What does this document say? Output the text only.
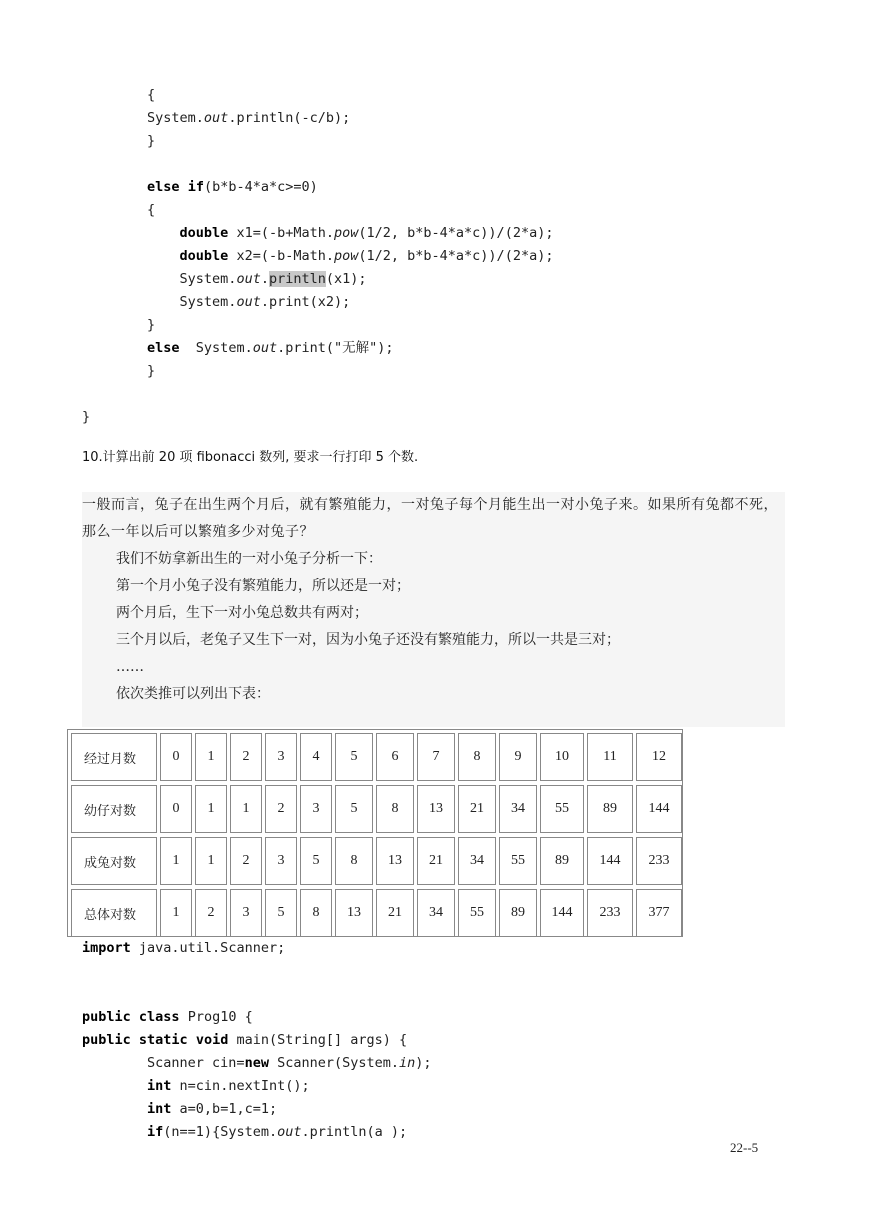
{
System.out.println(-c/b);
}
else if(b*b-4*a*c>=0)
{
double x1=(-b+Math.pow(1/2, b*b-4*a*c))/(2*a);
double x2=(-b-Math.pow(1/2, b*b-4*a*c))/(2*a);
System.out.println(x1);
System.out.print(x2);
}
else  System.out.print("无解");
}
}
10.计算出前 20 项 fibonacci 数列, 要求一行打印 5 个数.

一般而言，兔子在出生两个月后，就有繁殖能力，一对兔子每个月能生出一对小兔子来。如果所有兔都不死，那么一年以后可以繁殖多少对兔子？

我们不妨拿新出生的一对小兔子分析一下：

第一个月小兔子没有繁殖能力，所以还是一对；

两个月后，生下一对小兔总数共有两对；

三个月以后，老兔子又生下一对，因为小兔子还没有繁殖能力，所以一共是三对；

……

依次类推可以列出下表：

经过月数	0	1	2	3	4	5	6	7	8	9	10	11	12
幼仔对数	0	1	1	2	3	5	8	13	21	34	55	89	144
成兔对数	1	1	2	3	5	8	13	21	34	55	89	144	233
总体对数	1	2	3	5	8	13	21	34	55	89	144	233	377
import java.util.Scanner;
public class Prog10 {
public static void main(String[] args) {
Scanner cin=new Scanner(System.in);
int n=cin.nextInt();
int a=0,b=1,c=1;
if(n==1){System.out.println(a );
22--5
